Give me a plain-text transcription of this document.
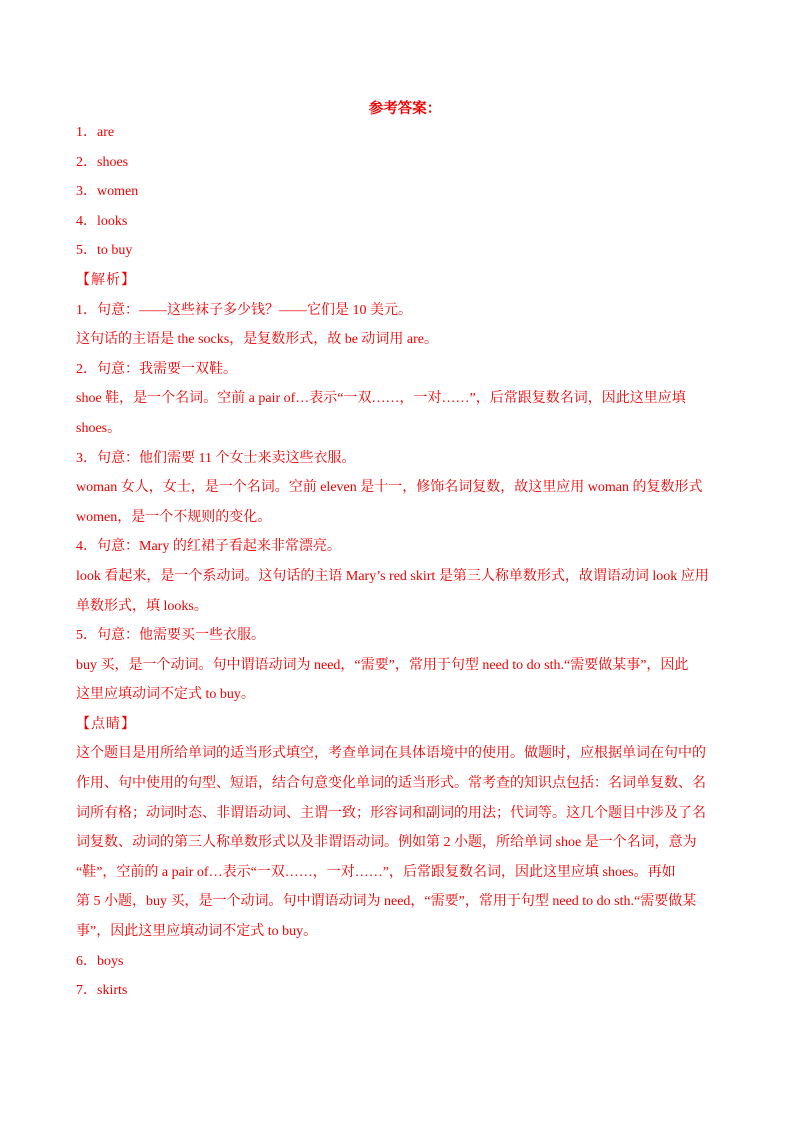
参考答案：
1．are
2．shoes
3．women
4．looks
5．to buy
【解析】
1．句意：——这些袜子多少钱？——它们是 10 美元。
这句话的主语是 the socks，是复数形式，故 be 动词用 are。
2．句意：我需要一双鞋。
shoe 鞋，是一个名词。空前 a pair of…表示“一双……，一对……”，后常跟复数名词，因此这里应填
shoes。
3．句意：他们需要 11 个女士来卖这些衣服。
woman 女人，女士，是一个名词。空前 eleven 是十一，修饰名词复数，故这里应用 woman 的复数形式
women，是一个不规则的变化。
4．句意：Mary 的红裙子看起来非常漂亮。
look 看起来，是一个系动词。这句话的主语 Mary’s red skirt 是第三人称单数形式，故谓语动词 look 应用
单数形式，填 looks。
5．句意：他需要买一些衣服。
buy 买，是一个动词。句中谓语动词为 need，“需要”，常用于句型 need to do sth.“需要做某事”，因此
这里应填动词不定式 to buy。
【点睛】
这个题目是用所给单词的适当形式填空，考查单词在具体语境中的使用。做题时，应根据单词在句中的
作用、句中使用的句型、短语，结合句意变化单词的适当形式。常考查的知识点包括：名词单复数、名
词所有格；动词时态、非谓语动词、主谓一致；形容词和副词的用法；代词等。这几个题目中涉及了名
词复数、动词的第三人称单数形式以及非谓语动词。例如第 2 小题，所给单词 shoe 是一个名词，意为
“鞋”，空前的 a pair of…表示“一双……，一对……”，后常跟复数名词，因此这里应填 shoes。再如
第 5 小题，buy 买，是一个动词。句中谓语动词为 need，“需要”，常用于句型 need to do sth.“需要做某
事”，因此这里应填动词不定式 to buy。
6．boys
7．skirts
